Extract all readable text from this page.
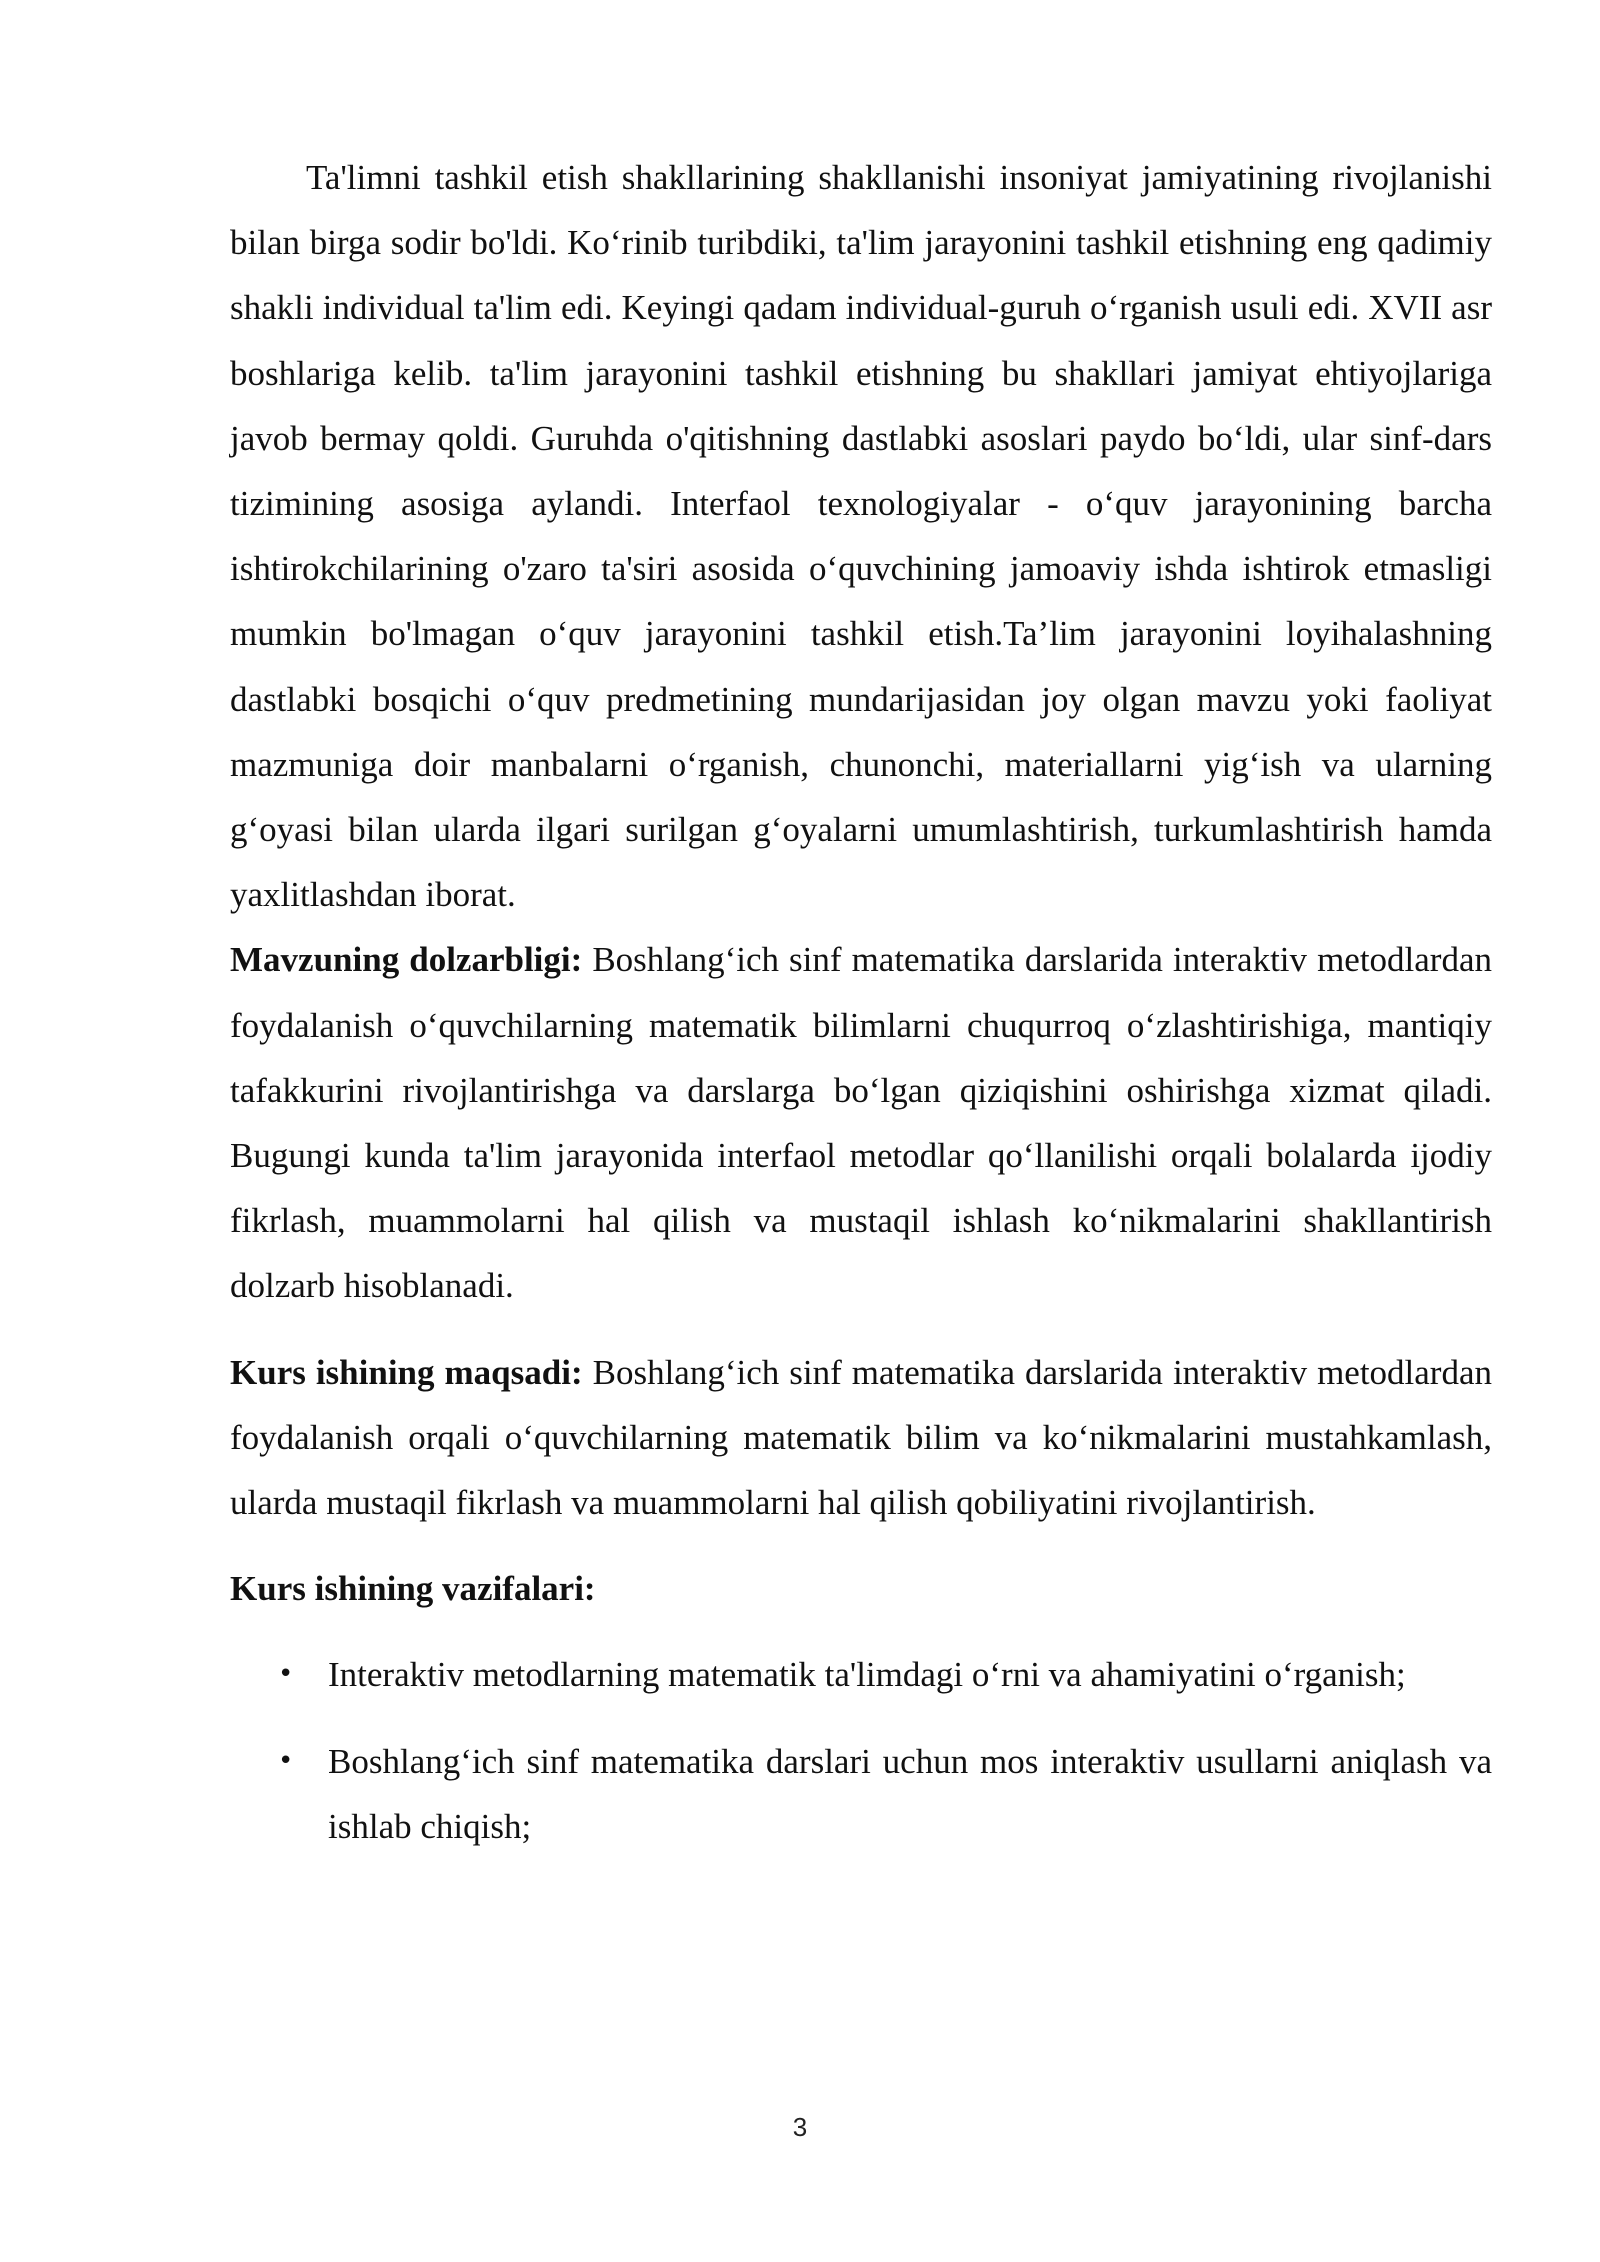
Ta'limni tashkil etish shakllarining shakllanishi insoniyat jamiyatining rivojlanishi bilan birga sodir bo'ldi. Koʻrinib turibdiki, ta'lim jarayonini tashkil etishning eng qadimiy shakli individual ta'lim edi. Keyingi qadam individual-guruh oʻrganish usuli edi. XVII asr boshlariga kelib. ta'lim jarayonini tashkil etishning bu shakllari jamiyat ehtiyojlariga javob bermay qoldi. Guruhda o'qitishning dastlabki asoslari paydo boʻldi, ular sinf-dars tizimining asosiga aylandi. Interfaol texnologiyalar - oʻquv jarayonining barcha ishtirokchilarining o'zaro ta'siri asosida oʻquvchining jamoaviy ishda ishtirok etmasligi mumkin bo'lmagan oʻquv jarayonini tashkil etish.Ta’lim jarayonini loyihalashning dastlabki bosqichi oʻquv predmetining mundarijasidan joy olgan mavzu yoki faoliyat mazmuniga doir manbalarni oʻrganish, chunonchi, materiallarni yigʻish va ularning gʻoyasi bilan ularda ilgari surilgan gʻoyalarni umumlashtirish, turkumlashtirish hamda yaxlitlashdan iborat.

Mavzuning dolzarbligi: Boshlangʻich sinf matematika darslarida interaktiv metodlardan foydalanish oʻquvchilarning matematik bilimlarni chuqurroq oʻzlashtirishiga, mantiqiy tafakkurini rivojlantirishga va darslarga boʻlgan qiziqishini oshirishga xizmat qiladi. Bugungi kunda ta'lim jarayonida interfaol metodlar qoʻllanilishi orqali bolalarda ijodiy fikrlash, muammolarni hal qilish va mustaqil ishlash koʻnikmalarini shakllantirish dolzarb hisoblanadi.

Kurs ishining maqsadi: Boshlangʻich sinf matematika darslarida interaktiv metodlardan foydalanish orqali oʻquvchilarning matematik bilim va koʻnikmalarini mustahkamlash, ularda mustaqil fikrlash va muammolarni hal qilish qobiliyatini rivojlantirish.

Kurs ishining vazifalari:

• Interaktiv metodlarning matematik ta'limdagi oʻrni va ahamiyatini oʻrganish;
• Boshlangʻich sinf matematika darslari uchun mos interaktiv usullarni aniqlash va ishlab chiqish;
3
